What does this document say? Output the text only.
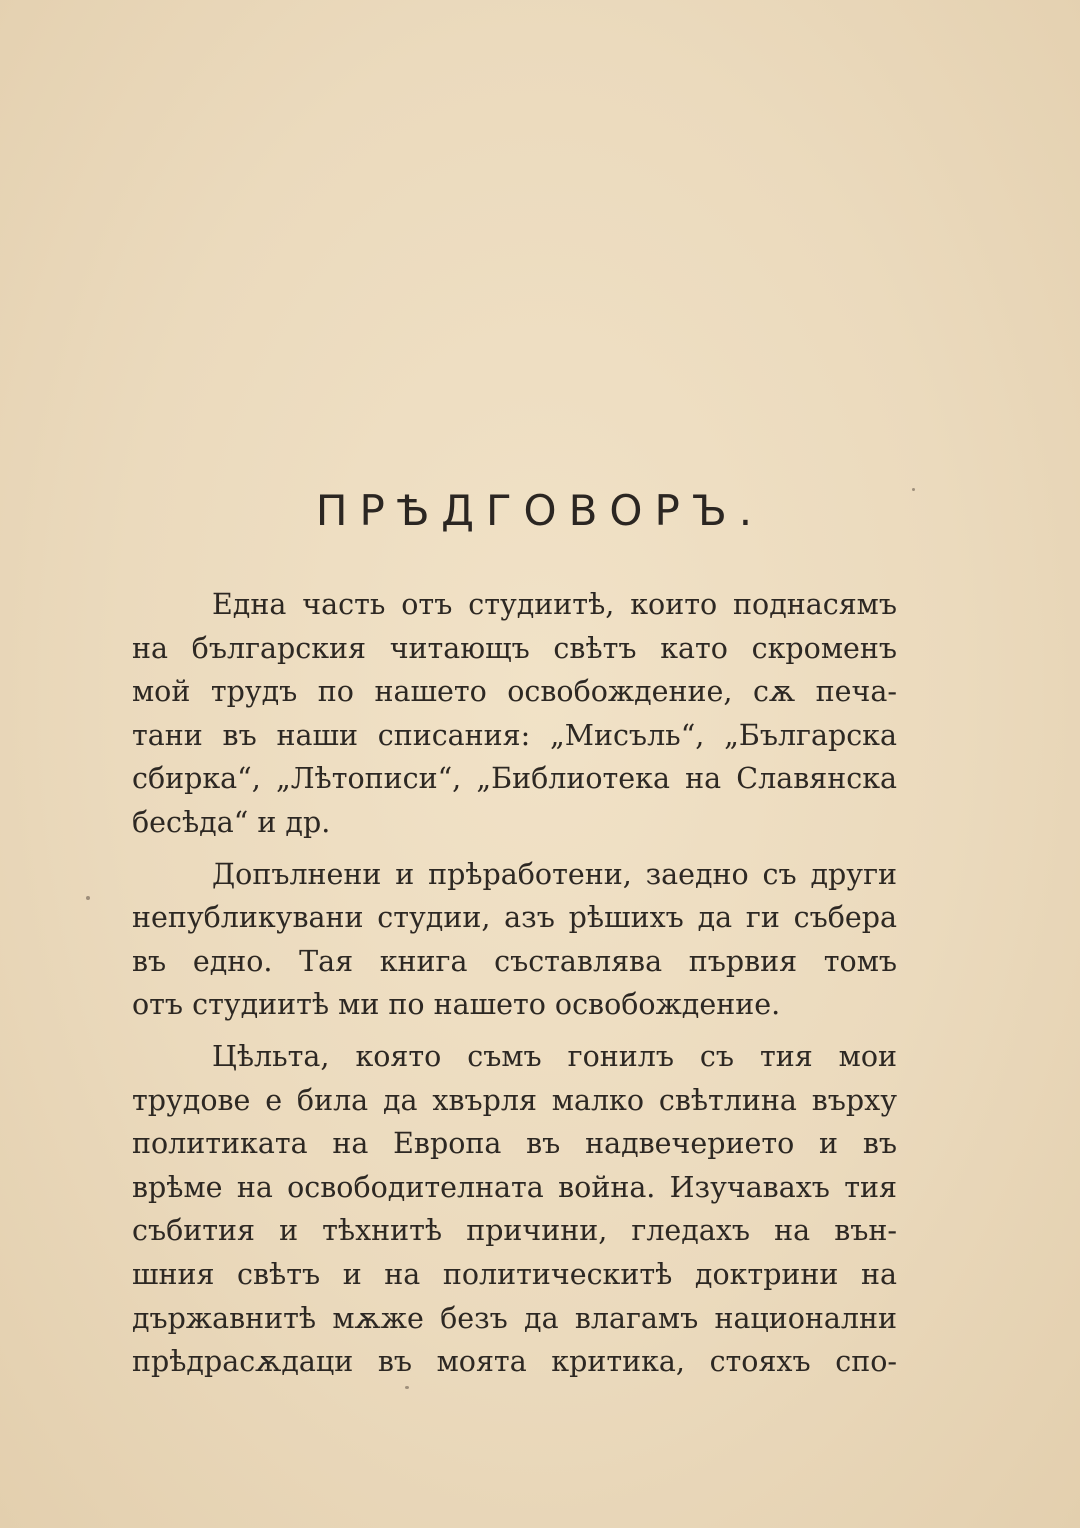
ПРѢДГОВОРЪ.
Една часть отъ студиитѣ, които поднасямъ
на българския читающъ свѣтъ като скроменъ
мой трудъ по нашето освобождение, сѫ печа-
тани въ наши списания: „Мисъль“, „Българска
сбирка“, „Лѣтописи“, „Библиотека на Славянска
бесѣда“ и др.
Допълнени и прѣработени, заедно съ други
непубликувани студии, азъ рѣшихъ да ги събера
въ едно. Тая книга съставлява първия томъ
отъ студиитѣ ми по нашето освобождение.
Цѣльта, която съмъ гонилъ съ тия мои
трудове е била да хвърля малко свѣтлина върху
политиката на Европа въ надвечерието и въ
врѣме на освободителната война. Изучавахъ тия
събития и тѣхнитѣ причини, гледахъ на вън-
шния свѣтъ и на политическитѣ доктрини на
държавнитѣ мѫже безъ да влагамъ национални
прѣдрасѫдаци въ моята критика, стояхъ спо-
